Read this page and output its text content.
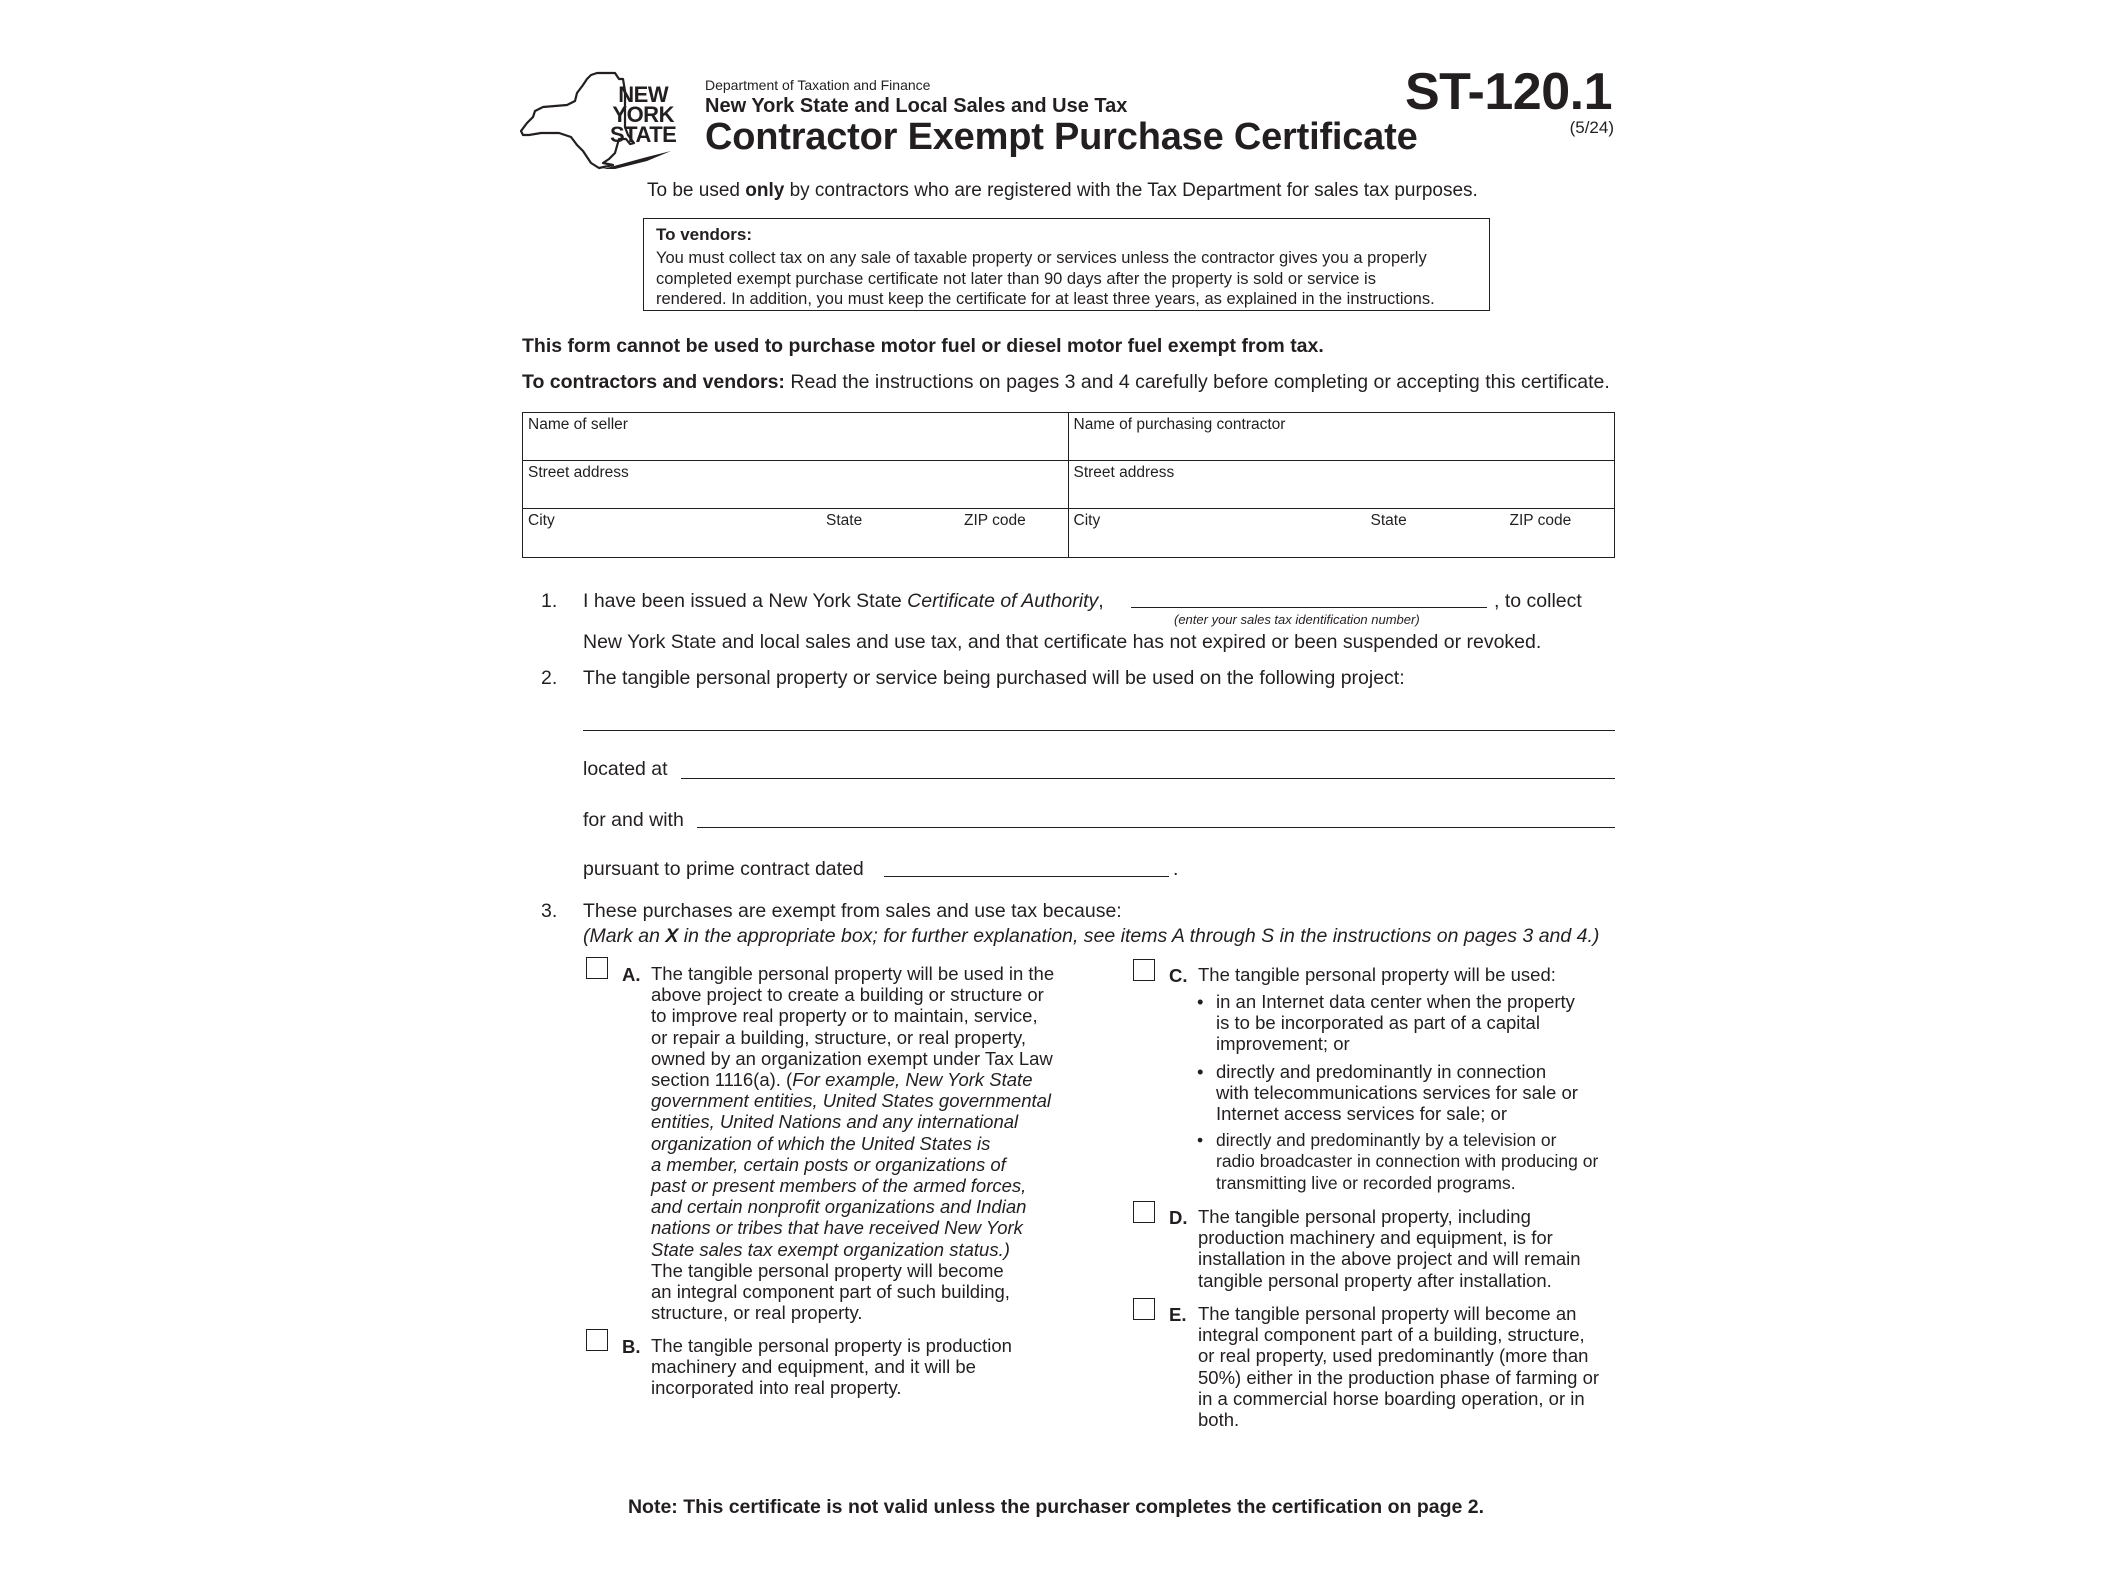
NEW
YORK
STATE
Department of Taxation and Finance
New York State and Local Sales and Use Tax
Contractor Exempt Purchase Certificate
ST-120.1
(5/24)
To be used only by contractors who are registered with the Tax Department for sales tax purposes.
To vendors:
You must collect tax on any sale of taxable property or services unless the contractor gives you a properly
completed exempt purchase certificate not later than 90 days after the property is sold or service is
rendered. In addition, you must keep the certificate for at least three years, as explained in the instructions.
This form cannot be used to purchase motor fuel or diesel motor fuel exempt from tax.
To contractors and vendors: Read the instructions on pages 3 and 4 carefully before completing or accepting this certificate.
Name of seller	Name of purchasing contractor
Street address	Street address
City	State	ZIP code	City	State	ZIP code
1. I have been issued a New York State Certificate of Authority,	, to collect
(enter your sales tax identification number)
New York State and local sales and use tax, and that certificate has not expired or been suspended or revoked.
2. The tangible personal property or service being purchased will be used on the following project:
located at
for and with
pursuant to prime contract dated	.
3. These purchases are exempt from sales and use tax because:
(Mark an X in the appropriate box; for further explanation, see items A through S in the instructions on pages 3 and 4.)
A. The tangible personal property will be used in the
above project to create a building or structure or
to improve real property or to maintain, service,
or repair a building, structure, or real property,
owned by an organization exempt under Tax Law
section 1116(a). (For example, New York State
government entities, United States governmental
entities, United Nations and any international
organization of which the United States is
a member, certain posts or organizations of
past or present members of the armed forces,
and certain nonprofit organizations and Indian
nations or tribes that have received New York
State sales tax exempt organization status.)
The tangible personal property will become
an integral component part of such building,
structure, or real property.
B. The tangible personal property is production
machinery and equipment, and it will be
incorporated into real property.
C. The tangible personal property will be used:
• in an Internet data center when the property
is to be incorporated as part of a capital
improvement; or
• directly and predominantly in connection
with telecommunications services for sale or
Internet access services for sale; or
• directly and predominantly by a television or
radio broadcaster in connection with producing or
transmitting live or recorded programs.
D. The tangible personal property, including
production machinery and equipment, is for
installation in the above project and will remain
tangible personal property after installation.
E. The tangible personal property will become an
integral component part of a building, structure,
or real property, used predominantly (more than
50%) either in the production phase of farming or
in a commercial horse boarding operation, or in
both.
Note: This certificate is not valid unless the purchaser completes the certification on page 2.
